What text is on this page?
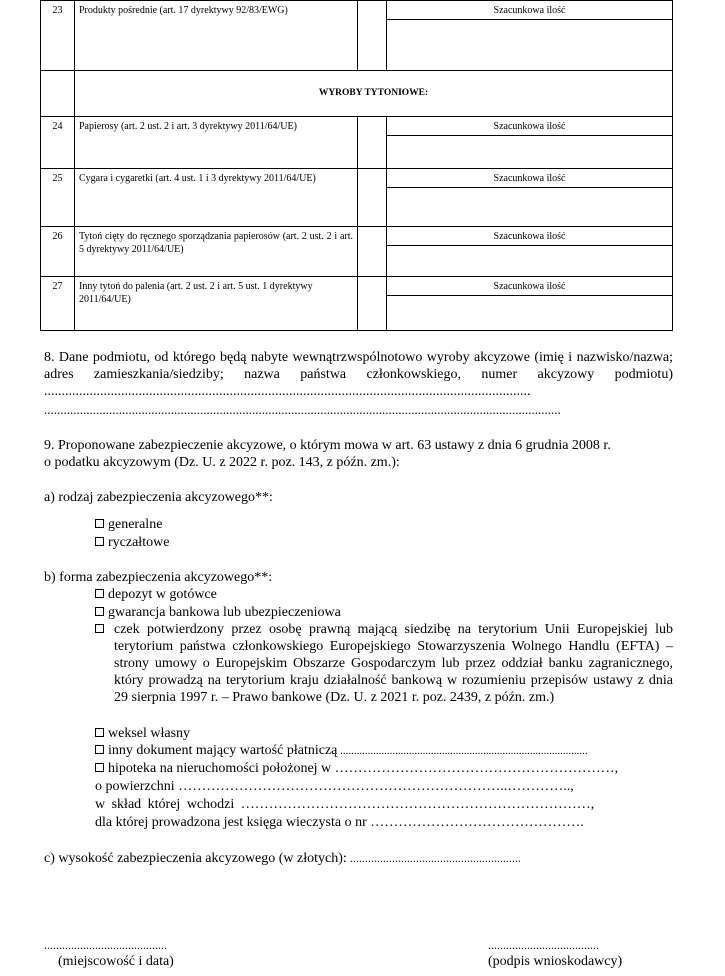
23	Produkty pośrednie (art. 17 dyrektywy 92/83/EWG)		Szacunkowa ilość

	WYROBY TYTONIOWE:		
24	Papierosy (art. 2 ust. 2 i art. 3 dyrektywy 2011/64/UE)		Szacunkowa ilość

25	Cygara i cygaretki (art. 4 ust. 1 i 3 dyrektywy 2011/64/UE)		Szacunkowa ilość

26	Tytoń cięty do ręcznego sporządzania papierosów (art. 2 ust. 2 i art. 5 dyrektywy 2011/64/UE)		Szacunkowa ilość

27	Inny tytoń do palenia (art. 2 ust. 2 i art. 5 ust. 1 dyrektywy 2011/64/UE)		Szacunkowa ilość
8. Dane podmiotu, od którego będą nabyte wewnątrzwspólnotowo wyroby akcyzowe (imię i nazwisko/nazwa; adres zamieszkania/siedziby; nazwa państwa członkowskiego, numer akcyzowy podmiotu) ...........................................................................................................................................
...............................................................................................................................................................
9. Proponowane zabezpieczenie akcyzowe, o którym mowa w art. 63 ustawy z dnia 6 grudnia 2008 r.
o podatku akcyzowym (Dz. U. z 2022 r. poz. 143, z późn. zm.):
a) rodzaj zabezpieczenia akcyzowego**:
generalne
ryczałtowe
b) forma zabezpieczenia akcyzowego**:
depozyt w gotówce
gwarancja bankowa lub ubezpieczeniowa
czek potwierdzony przez osobę prawną mającą siedzibę na terytorium Unii Europejskiej lub terytorium państwa członkowskiego Europejskiego Stowarzyszenia Wolnego Handlu (EFTA) – strony umowy o Europejskim Obszarze Gospodarczym lub przez oddział banku zagranicznego, który prowadzą na terytorium kraju działalność bankową w rozumieniu przepisów ustawy z dnia 29 sierpnia 1997 r. – Prawo bankowe (Dz. U. z 2021 r. poz. 2439, z późn. zm.)
weksel własny
inny dokument mający wartość płatniczą ..........................................................................................
hipoteka na nieruchomości położonej w ……………………………………………………,
o powierzchni ……………………………………………………………..…………..,
w skład której wchodzi …………………………………………………………………,
dla której prowadzona jest księga wieczysta o nr ……………………………………….
c) wysokość zabezpieczenia akcyzowego (w złotych): .........................................................
.........................................
(miejscowość i data)
.....................................
(podpis wnioskodawcy)
